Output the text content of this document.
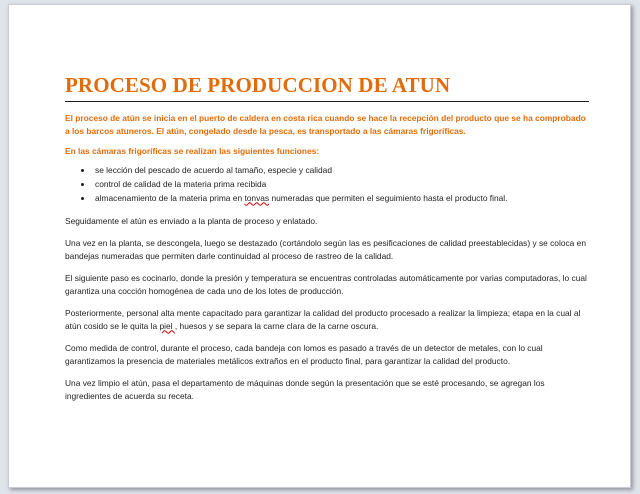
PROCESO DE PRODUCCION DE ATUN

El proceso de atún se inicia en el puerto de caldera en costa rica cuando se hace la recepción del producto que se ha comprobado a los barcos atuneros. El atún, congelado desde la pesca, es transportado a las cámaras frigoríficas.

En las cámaras frigoríficas se realizan las siguientes funciones:

• se lección del pescado de acuerdo al tamaño, especie y calidad
• control de calidad de la materia prima recibida
• almacenamiento de la materia prima en tonvas numeradas que permiten el seguimiento hasta el producto final.

Seguidamente el atún es enviado a la planta de proceso y enlatado.

Una vez en la planta, se descongela, luego se destazado (cortándolo según las es pesificaciones de calidad preestablecidas) y se coloca en bandejas numeradas que permiten darle continuidad al proceso de rastreo de la calidad.

El siguiente paso es cocinarlo, donde la presión y temperatura se encuentras controladas automáticamente por varias computadoras, lo cual garantiza una cocción homogénea de cada uno de los lotes de producción.

Posteriormente, personal alta mente capacitado para garantizar la calidad del producto procesado a realizar la limpieza; etapa en la cual al atún cosido se le quita la piel , huesos y se separa la carne clara de la carne oscura.

Como medida de control, durante el proceso, cada bandeja con lomos es pasado a través de un detector de metales, con lo cual garantizamos la presencia de materiales metálicos extraños en el producto final, para garantizar la calidad del producto.

Una vez limpio el atún, pasa el departamento de máquinas donde según la presentación que se esté procesando, se agregan los ingredientes de acuerda su receta.
